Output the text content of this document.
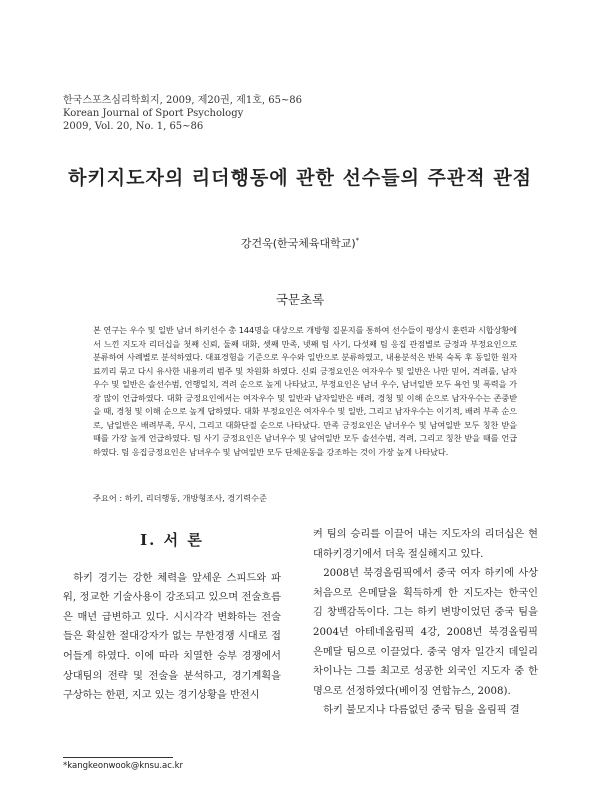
한국스포츠심리학회지, 2009, 제20권, 제1호, 65~86
Korean Journal of Sport Psychology
2009, Vol. 20, No. 1, 65~86
하키지도자의 리더행동에 관한 선수들의 주관적 관점
강건욱(한국체육대학교)*
국문초록
본 연구는 우수 및 일반 남녀 하키선수 총 144명을 대상으로 개방형 질문지를 통하여 선수들이 평상시 훈련과 시합상황에서 느낀 지도자 리더십을 첫째 신뢰, 둘째 대화, 셋째 만족, 넷째 팀 사기, 다섯째 팀 응집 관점별로 긍정과 부정요인으로 분류하여 사례별로 분석하였다. 대표경험을 기준으로 우수와 일반으로 분류하였고, 내용분석은 반복 숙독 후 동일한 원자료끼리 묶고 다시 유사한 내용끼리 범주 및 차원화 하였다. 신뢰 긍정요인은 여자우수 및 일반은 나만 믿어, 격려를, 남자우수 및 일반은 솔선수범, 언행일치, 격려 순으로 높게 나타났고, 부정요인은 남녀 우수, 남녀일반 모두 욕언 및 폭력을 가장 많이 언급하였다. 대화 긍정요인에서는 여자우수 및 일반과 남자일반은 배려, 경청 및 이해 순으로 남자우수는 존중받을 때, 경청 및 이해 순으로 높게 답하였다. 대화 부정요인은 여자우수 및 일반, 그리고 남자우수는 이기적, 배려 부족 순으로, 남일반은 배려부족, 무시, 그리고 대화단절 순으로 나타났다. 만족 긍정요인은 남녀우수 및 남여일반 모두 칭찬 받을 때를 가장 높게 언급하였다. 팀 사기 긍정요인은 남녀우수 및 남여일반 모두 솔선수범, 격려, 그리고 칭찬 받을 때를 언급하였다. 팀 응집긍정요인은 남녀우수 및 남여일반 모두 단체운동을 강조하는 것이 가장 높게 나타났다.
주요어 : 하키, 리더행동, 개방형조사, 경기력수준
Ⅰ. 서 론

하키 경기는 강한 체력을 앞세운 스피드와 파워, 정교한 기술사용이 강조되고 있으며 전술흐름은 매년 급변하고 있다. 시시각각 변화하는 전술들은 확실한 절대강자가 없는 무한경쟁 시대로 접어들게 하였다. 이에 따라 치열한 승부 경쟁에서 상대팀의 전략 및 전술을 분석하고, 경기계획을 구상하는 한편, 지고 있는 경기상황을 반전시

켜 팀의 승리를 이끌어 내는 지도자의 리더십은 현대하키경기에서 더욱 절실해지고 있다.

2008년 북경올림픽에서 중국 여자 하키에 사상 처음으로 은메달을 획득하게 한 지도자는 한국인 김 창백감독이다. 그는 하키 변방이었던 중국 팀을 2004년 아테네올림픽 4강, 2008년 북경올림픽 은메달 팀으로 이끌었다. 중국 영자 일간지 데일리차이나는 그를 최고로 성공한 외국인 지도자 중 한 명으로 선정하였다(베이징 연합뉴스, 2008).

하키 불모지나 다름없던 중국 팀을 올림픽 결

*kangkeonwook@knsu.ac.kr
